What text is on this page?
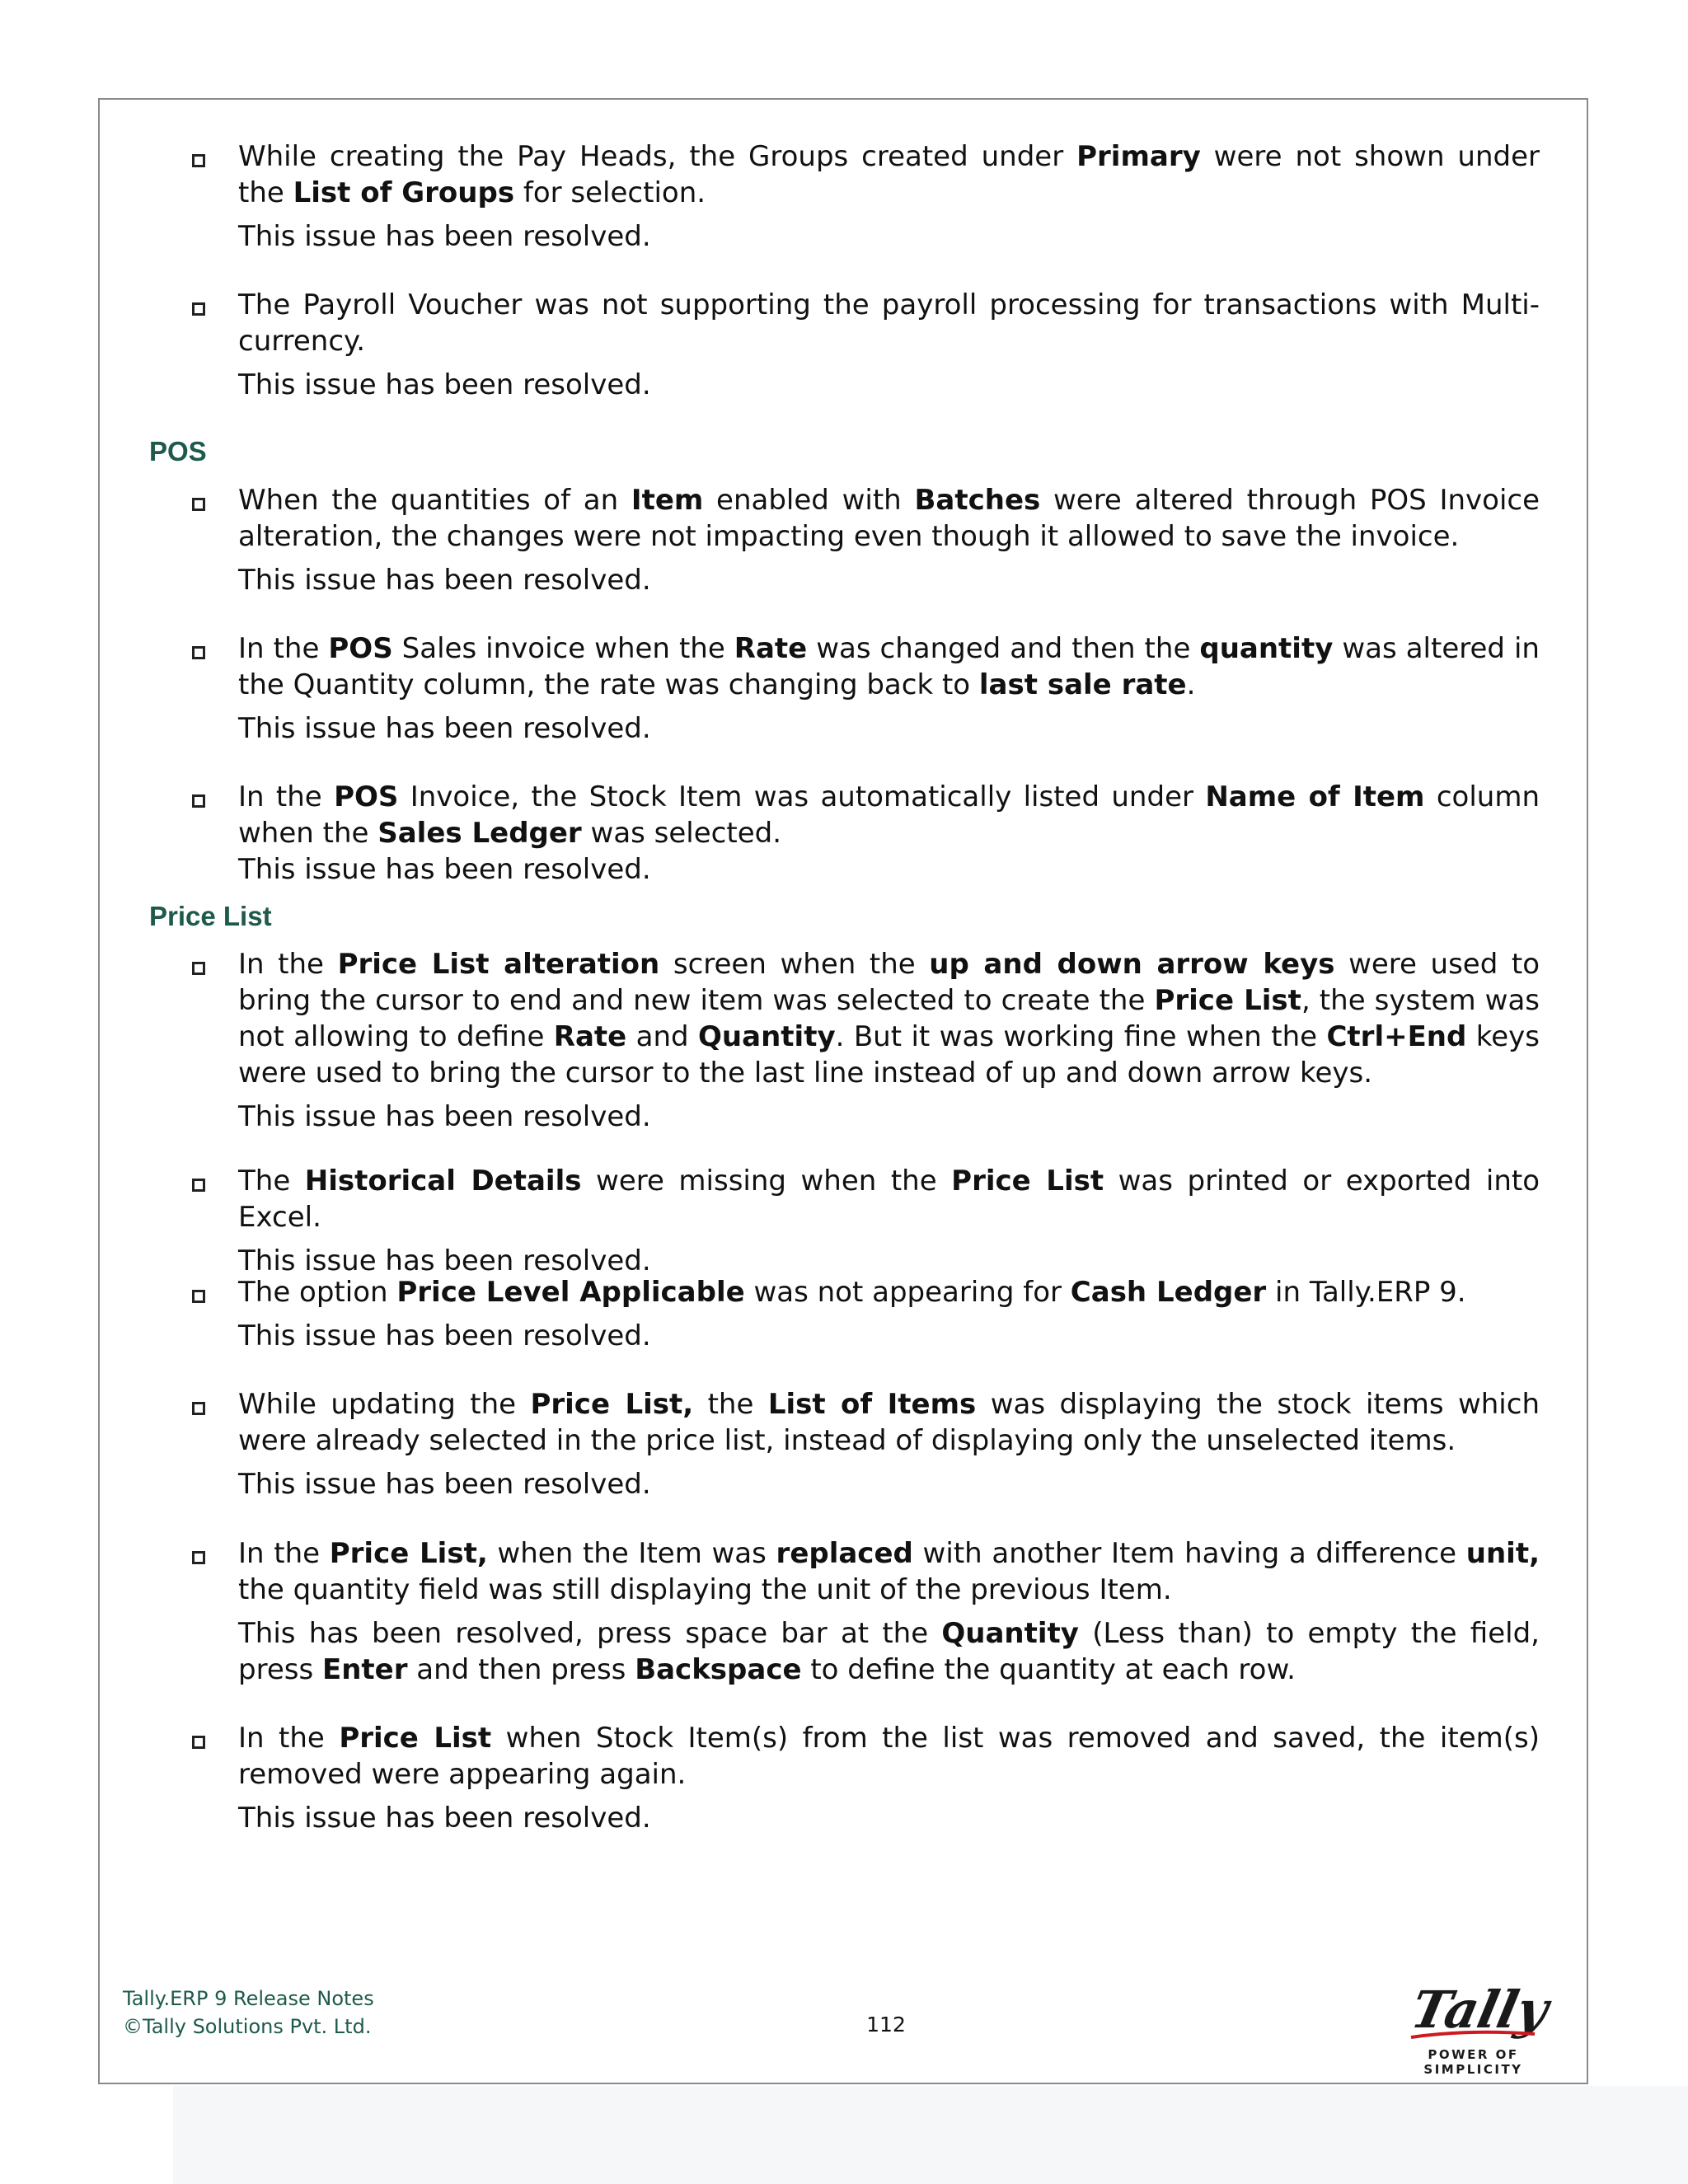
While creating the Pay Heads, the Groups created under Primary were not shown under the List of Groups for selection.
This issue has been resolved.
The Payroll Voucher was not supporting the payroll processing for transactions with Multi-currency.
This issue has been resolved.
POS
When the quantities of an Item enabled with Batches were altered through POS Invoice alteration, the changes were not impacting even though it allowed to save the invoice.
This issue has been resolved.
In the POS Sales invoice when the Rate was changed and then the quantity was altered in the Quantity column, the rate was changing back to last sale rate.
This issue has been resolved.
In the POS Invoice, the Stock Item was automatically listed under Name of Item column when the Sales Ledger was selected.
This issue has been resolved.
Price List
In the Price List alteration screen when the up and down arrow keys were used to bring the cursor to end and new item was selected to create the Price List, the system was not allowing to define Rate and Quantity. But it was working fine when the Ctrl+End keys were used to bring the cursor to the last line instead of up and down arrow keys.
This issue has been resolved.
The Historical Details were missing when the Price List was printed or exported into Excel.
This issue has been resolved.
The option Price Level Applicable was not appearing for Cash Ledger in Tally.ERP 9.
This issue has been resolved.
While updating the Price List, the List of Items was displaying the stock items which were already selected in the price list, instead of displaying only the unselected items.
This issue has been resolved.
In the Price List, when the Item was replaced with another Item having a difference unit, the quantity field was still displaying the unit of the previous Item.
This has been resolved, press space bar at the Quantity (Less than) to empty the field, press Enter and then press Backspace to define the quantity at each row.
In the Price List when Stock Item(s) from the list was removed and saved, the item(s) removed were appearing again.
This issue has been resolved.
Tally.ERP 9 Release Notes
©Tally Solutions Pvt. Ltd.	112	Tally
POWER OF SIMPLICITY
